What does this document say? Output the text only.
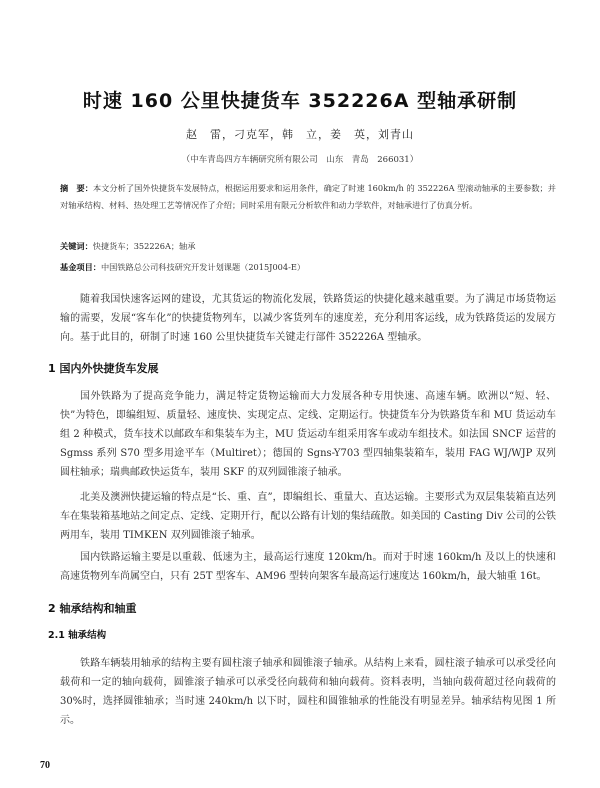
时速 160 公里快捷货车 352226A 型轴承研制
赵　雷，刁克军，韩　立，姜　英，刘青山
（中车青岛四方车辆研究所有限公司　山东　青岛　266031）
摘　要：本文分析了国外快捷货车发展特点，根据运用要求和运用条件，确定了时速 160km/h 的 352226A 型滚动轴承的主要参数；并对轴承结构、材料、热处理工艺等情况作了介绍；同时采用有限元分析软件和动力学软件，对轴承进行了仿真分析。
关键词：快捷货车；352226A；轴承
基金项目：中国铁路总公司科技研究开发计划课题（2015J004-E）
随着我国快速客运网的建设，尤其货运的物流化发展，铁路货运的快捷化越来越重要。为了满足市场货物运输的需要，发展“客车化”的快捷货物列车，以减少客货列车的速度差，充分利用客运线，成为铁路货运的发展方向。基于此目的，研制了时速 160 公里快捷货车关键走行部件 352226A 型轴承。
1 国内外快捷货车发展
国外铁路为了提高竞争能力，满足特定货物运输而大力发展各种专用快速、高速车辆。欧洲以“短、轻、快”为特色，即编组短、质量轻、速度快、实现定点、定线、定期运行。快捷货车分为铁路货车和 MU 货运动车组 2 种模式，货车技术以邮政车和集装车为主，MU 货运动车组采用客车或动车组技术。如法国 SNCF 运营的 Sgmss 系列 S70 型多用途平车（Multiret）；德国的 Sgns-Y703 型四轴集装箱车，装用 FAG WJ/WJP 双列圆柱轴承；瑞典邮政快运货车，装用 SKF 的双列圆锥滚子轴承。
北美及澳洲快捷运输的特点是“长、重、直”，即编组长、重量大、直达运输。主要形式为双层集装箱直达列车在集装箱基地站之间定点、定线、定期开行，配以公路有计划的集结疏散。如美国的 Casting Div 公司的公铁两用车，装用 TIMKEN 双列圆锥滚子轴承。
国内铁路运输主要是以重载、低速为主，最高运行速度 120km/h。而对于时速 160km/h 及以上的快速和高速货物列车尚属空白，只有 25T 型客车、AM96 型转向架客车最高运行速度达 160km/h，最大轴重 16t。
2 轴承结构和轴重
2.1 轴承结构
铁路车辆装用轴承的结构主要有圆柱滚子轴承和圆锥滚子轴承。从结构上来看，圆柱滚子轴承可以承受径向载荷和一定的轴向载荷，圆锥滚子轴承可以承受径向载荷和轴向载荷。资料表明，当轴向载荷超过径向载荷的 30%时，选择圆锥轴承；当时速 240km/h 以下时，圆柱和圆锥轴承的性能没有明显差异。轴承结构见图 1 所示。
70
